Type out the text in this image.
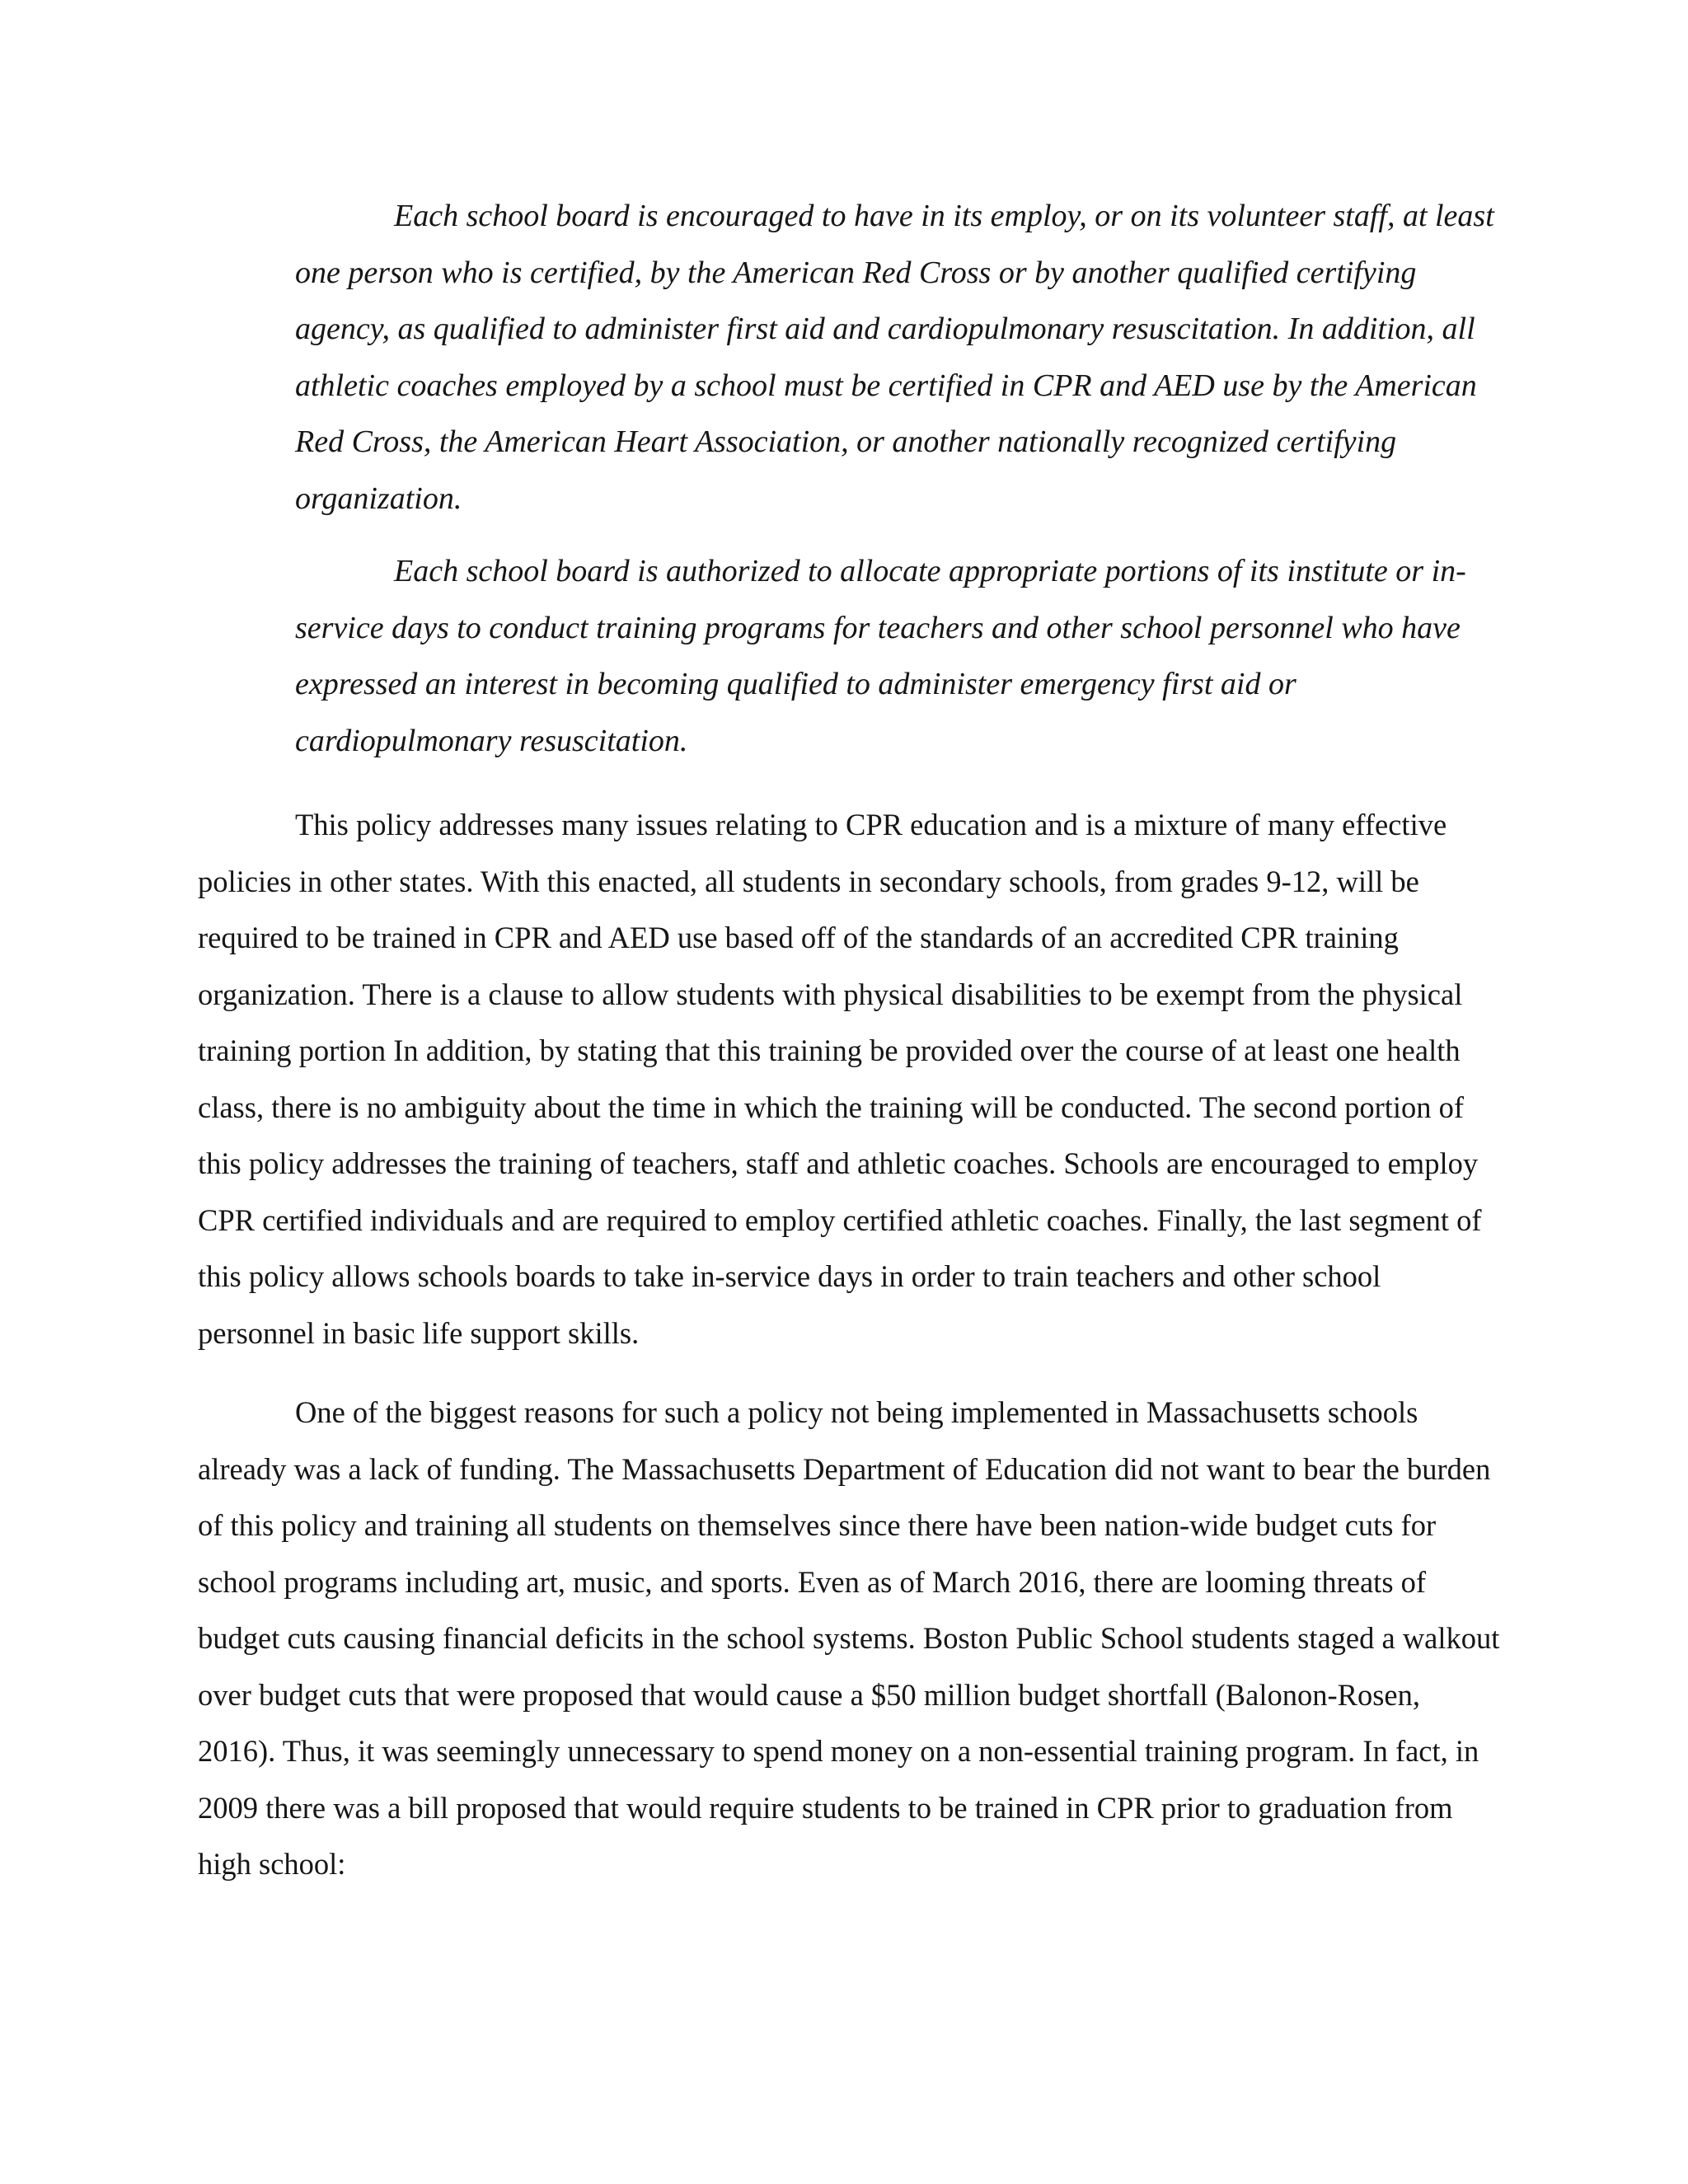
Each school board is encouraged to have in its employ, or on its volunteer staff, at least one person who is certified, by the American Red Cross or by another qualified certifying agency, as qualified to administer first aid and cardiopulmonary resuscitation. In addition, all athletic coaches employed by a school must be certified in CPR and AED use by the American Red Cross, the American Heart Association, or another nationally recognized certifying organization.

Each school board is authorized to allocate appropriate portions of its institute or in-service days to conduct training programs for teachers and other school personnel who have expressed an interest in becoming qualified to administer emergency first aid or cardiopulmonary resuscitation.

This policy addresses many issues relating to CPR education and is a mixture of many effective policies in other states. With this enacted, all students in secondary schools, from grades 9-12, will be required to be trained in CPR and AED use based off of the standards of an accredited CPR training organization. There is a clause to allow students with physical disabilities to be exempt from the physical training portion In addition, by stating that this training be provided over the course of at least one health class, there is no ambiguity about the time in which the training will be conducted. The second portion of this policy addresses the training of teachers, staff and athletic coaches. Schools are encouraged to employ CPR certified individuals and are required to employ certified athletic coaches. Finally, the last segment of this policy allows schools boards to take in-service days in order to train teachers and other school personnel in basic life support skills.

One of the biggest reasons for such a policy not being implemented in Massachusetts schools already was a lack of funding. The Massachusetts Department of Education did not want to bear the burden of this policy and training all students on themselves since there have been nation-wide budget cuts for school programs including art, music, and sports. Even as of March 2016, there are looming threats of budget cuts causing financial deficits in the school systems. Boston Public School students staged a walkout over budget cuts that were proposed that would cause a $50 million budget shortfall (Balonon-Rosen, 2016). Thus, it was seemingly unnecessary to spend money on a non-essential training program. In fact, in 2009 there was a bill proposed that would require students to be trained in CPR prior to graduation from high school:
